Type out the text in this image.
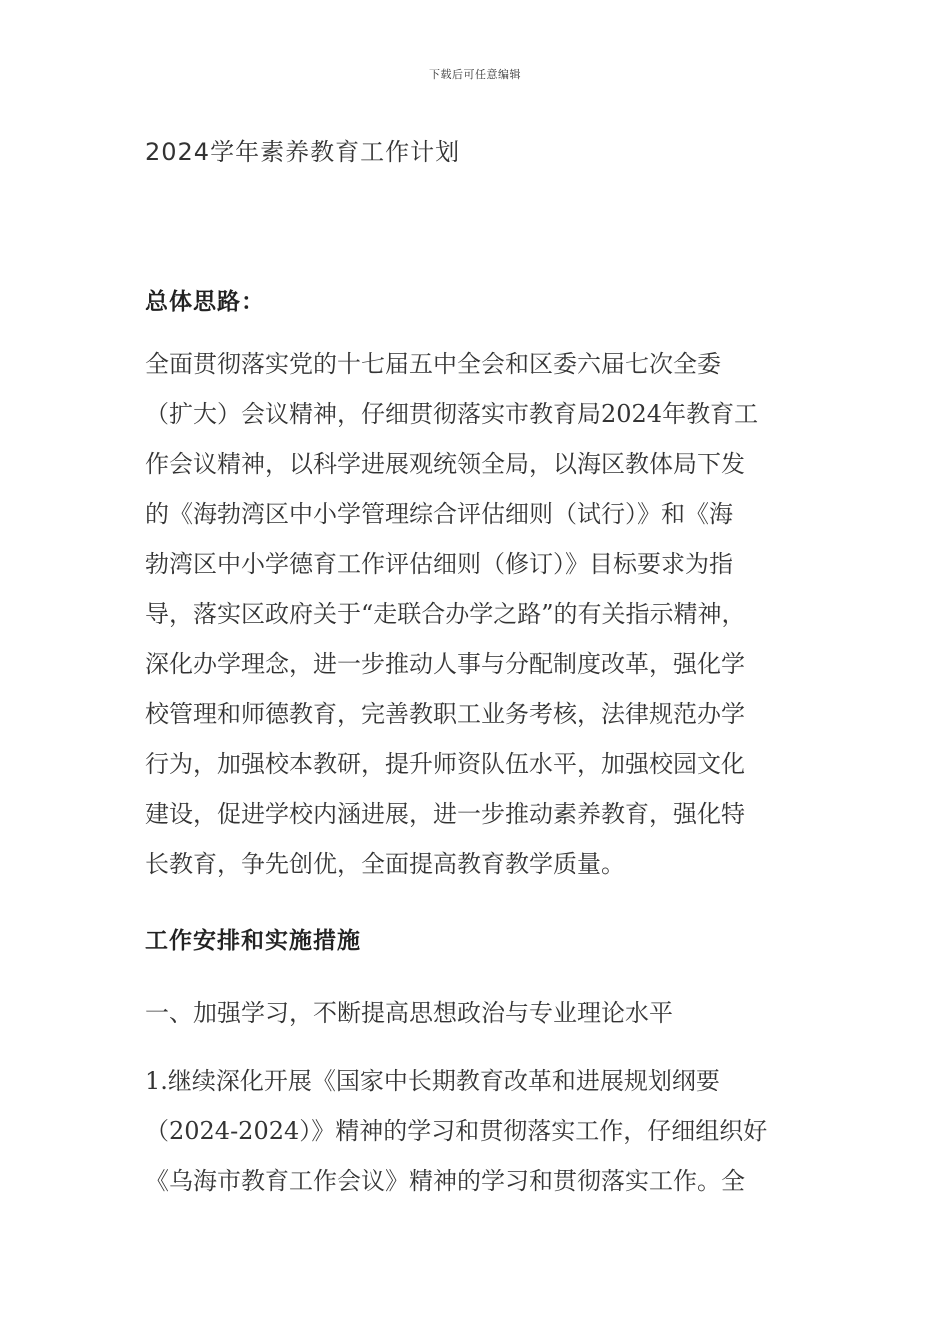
下载后可任意编辑
2024学年素养教育工作计划
总体思路：
全面贯彻落实党的十七届五中全会和区委六届七次全委
（扩大）会议精神，仔细贯彻落实市教育局2024年教育工
作会议精神，以科学进展观统领全局，以海区教体局下发
的《海勃湾区中小学管理综合评估细则（试行）》和《海
勃湾区中小学德育工作评估细则（修订）》目标要求为指
导，落实区政府关于“走联合办学之路”的有关指示精神，
深化办学理念，进一步推动人事与分配制度改革，强化学
校管理和师德教育，完善教职工业务考核，法律规范办学
行为，加强校本教研，提升师资队伍水平，加强校园文化
建设，促进学校内涵进展，进一步推动素养教育，强化特
长教育，争先创优，全面提高教育教学质量。
工作安排和实施措施
一、加强学习，不断提高思想政治与专业理论水平
1.继续深化开展《国家中长期教育改革和进展规划纲要
（2024-2024）》精神的学习和贯彻落实工作，仔细组织好
《乌海市教育工作会议》精神的学习和贯彻落实工作。全
